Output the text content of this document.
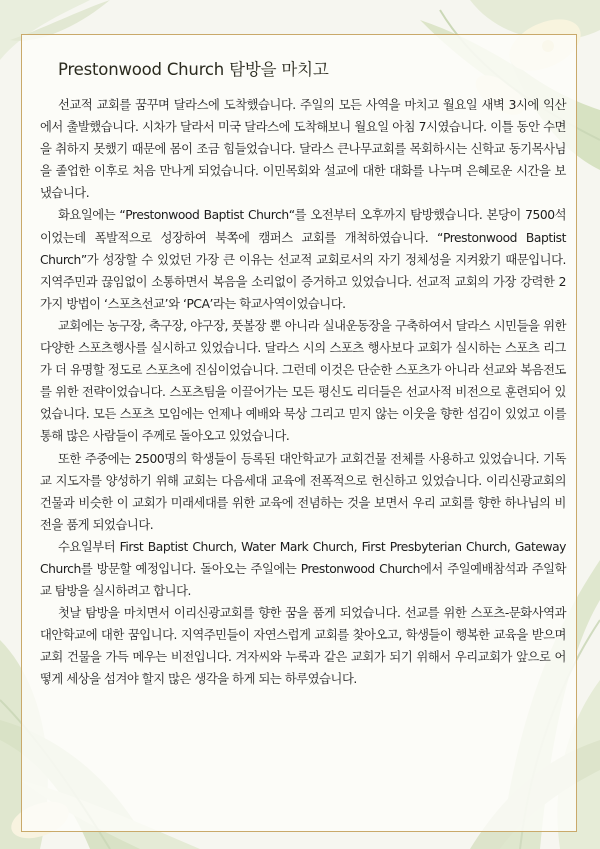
Prestonwood Church 탐방을 마치고

선교적 교회를 꿈꾸며 달라스에 도착했습니다. 주일의 모든 사역을 마치고 월요일 새벽 3시에 익산에서 출발했습니다. 시차가 달라서 미국 달라스에 도착해보니 월요일 아침 7시였습니다. 이틀 동안 수면을 취하지 못했기 때문에 몸이 조금 힘들었습니다. 달라스 큰나무교회를 목회하시는 신학교 동기목사님을 졸업한 이후로 처음 만나게 되었습니다. 이민목회와 설교에 대한 대화를 나누며 은혜로운 시간을 보냈습니다.

화요일에는 “Prestonwood Baptist Church“를 오전부터 오후까지 탐방했습니다. 본당이 7500석이었는데 폭발적으로 성장하여 북쪽에 캠퍼스 교회를 개척하였습니다. “Prestonwood Baptist Church”가 성장할 수 있었던 가장 큰 이유는 선교적 교회로서의 자기 정체성을 지켜왔기 때문입니다. 지역주민과 끊임없이 소통하면서 복음을 소리없이 증거하고 있었습니다. 선교적 교회의 가장 강력한 2가지 방법이 ‘스포츠선교’와 ‘PCA’라는 학교사역이었습니다.

교회에는 농구장, 축구장, 야구장, 풋볼장 뿐 아니라 실내운동장을 구축하여서 달라스 시민들을 위한 다양한 스포츠행사를 실시하고 있었습니다. 달라스 시의 스포츠 행사보다 교회가 실시하는 스포츠 리그가 더 유명할 정도로 스포츠에 진심이었습니다. 그런데 이것은 단순한 스포츠가 아니라 선교와 복음전도를 위한 전략이었습니다. 스포츠팀을 이끌어가는 모든 평신도 리더들은 선교사적 비전으로 훈련되어 있었습니다. 모든 스포츠 모임에는 언제나 예배와 묵상 그리고 믿지 않는 이웃을 향한 섬김이 있었고 이를 통해 많은 사람들이 주께로 돌아오고 있었습니다.

또한 주중에는 2500명의 학생들이 등록된 대안학교가 교회건물 전체를 사용하고 있었습니다. 기독교 지도자를 양성하기 위해 교회는 다음세대 교육에 전폭적으로 헌신하고 있었습니다. 이리신광교회의 건물과 비슷한 이 교회가 미래세대를 위한 교육에 전념하는 것을 보면서 우리 교회를 향한 하나님의 비전을 품게 되었습니다.

수요일부터 First Baptist Church, Water Mark Church, First Presbyterian Church, Gateway Church를 방문할 예정입니다. 돌아오는 주일에는 Prestonwood Church에서 주일예배참석과 주일학교 탐방을 실시하려고 합니다.

첫날 탐방을 마치면서 이리신광교회를 향한 꿈을 품게 되었습니다. 선교를 위한 스포츠-문화사역과 대안학교에 대한 꿈입니다. 지역주민들이 자연스럽게 교회를 찾아오고, 학생들이 행복한 교육을 받으며 교회 건물을 가득 메우는 비전입니다. 겨자씨와 누룩과 같은 교회가 되기 위해서 우리교회가 앞으로 어떻게 세상을 섬겨야 할지 많은 생각을 하게 되는 하루였습니다.
